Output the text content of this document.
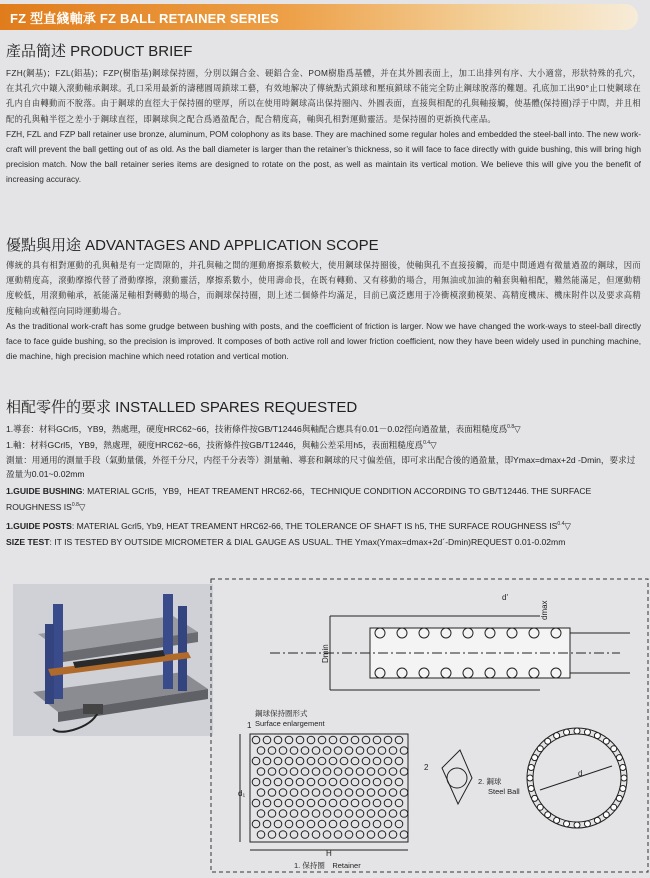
FZ 型直綫軸承 FZ BALL RETAINER SERIES
產品簡述 PRODUCT BRIEF

FZH(鋼基)；FZL(鋁基)；FZP(樹脂基)鋼球保持圈，分別以銅合金、硬鋁合金、POM樹脂爲基體，并在其外圓表面上，加工出排列有序、大小適當，形狀特殊的孔穴，在其孔穴中鑲入滾動軸承鋼球。孔口采用最新的濤穗圓周鎖球工藝，有效地解决了傳統點式鎖球和壓痕鎖球不能完全防止鋼球脫落的難題。孔底加工出90°止口使鋼球在孔内自由轉動而不脫落。由于鋼球的直徑大于保持圈的壁厚，所以在使用時鋼球高出保持圈內、外圓表面，直接與相配的孔與軸接觸，使基體(保持圈)浮于中間，并且相配的孔與軸半徑之差小于鋼球直徑，即鋼球與之配合爲過盈配合，配合精度高，軸與孔相對運動靈活。是保持圈的更新换代產品。

FZH, FZL and FZP ball retainer use bronze, aluminum, POM colophony as its base. They are machined some regular holes and embedded the steel-ball into. The new work-craft will prevent the ball getting out of as old. As the ball diameter is larger than the retainer’s thickness, so it will face to face directly with guide bushing, this will bring high precision match. Now the ball retainer series items are designed to rotate on the post, as well as maintain its vertical motion. We believe this will give you the benefit of increasing accuracy.

優點與用途 ADVANTAGES AND APPLICATION SCOPE

傳統的具有相對運動的孔與軸是有一定間隙的，并孔與軸之間的運動磨擦系數較大，使用鋼球保持圈後，使軸與孔不直接接觸，而是中間通過有微量過盈的鋼球，因而運動精度高，滾動摩擦代替了滑動摩擦，滾動靈活，摩擦系數小，使用壽命長，在既有轉動、又有移動的場合，用無油或加油的軸套與軸相配，難然能滿足，但運動精度較低，用滾動軸承，祇能滿足軸相對轉動的場合，而鋼球保持圈，則上述二個條件均滿足，目前已廣泛應用于冷衝模滾動模架、高精度機床、機床附件以及要求高精度軸向或軸徑向同時運動場合。

As the traditional work-craft has some grudge between bushing with posts, and the coefficient of friction is larger. Now we have changed the work-ways to steel-ball directly face to face guide bushing, so the precision is improved. It composes of both active roll and lower friction coefficient, now they have been widely used in punching machine, die machine, high precision machine which need rotation and vertical motion.

相配零件的要求 INSTALLED SPARES REQUESTED
1.導套：材料GCrl5，YB9，熱處理，硬度HRC62~66，技術條件按GB/T12446與軸配合應具有0.01－0.02徑向過盈量，表面粗糙度爲$^{0.8}$▽
1.軸：材料GCrl5，YB9，熱處理，硬度HRC62~66，技術條件按GB/T12446，與軸公差采用h5，表面粗糙度爲$^{0.4}$▽
測量：用通用的測量手段（氣動量儀，外徑千分尺，内徑千分表等）測量軸、導套和鋼球的尺寸偏差值，即可求出配合後的過盈量，即Ymax=dmax+2d -Dmin，要求过盈量为0.01~0.02mm
1.GUIDE BUSHING: MATERIAL GCrl5，YB9，HEAT TREAMENT HRC62-66，TECHNIQUE CONDITION ACCORDING TO GB/T12446. THE SURFACE ROUGHNESS $IS^{0.8}▽$
1.GUIDE POSTS: MATERIAL Gcrl5, Yb9, HEAT TREAMENT HRC62-66, THE TOLERANCE OF SHAFT IS h5, THE SURFACE ROUGHNESS $IS^{0.4}▽$
SIZE TEST: IT IS TESTED BY OUTSIDE MICROMETER & DIAL GAUGE AS USUAL. THE Ymax(Ymax=dmax+2d´-Dmin)REQUEST 0.01-0.02mm
d'
dmax
Dmin
鋼球保持圈形式
Surface enlargement
1
d₁
H
1. 保持圈　Retainer
2
2. 鋼球
Steel Ball
d
